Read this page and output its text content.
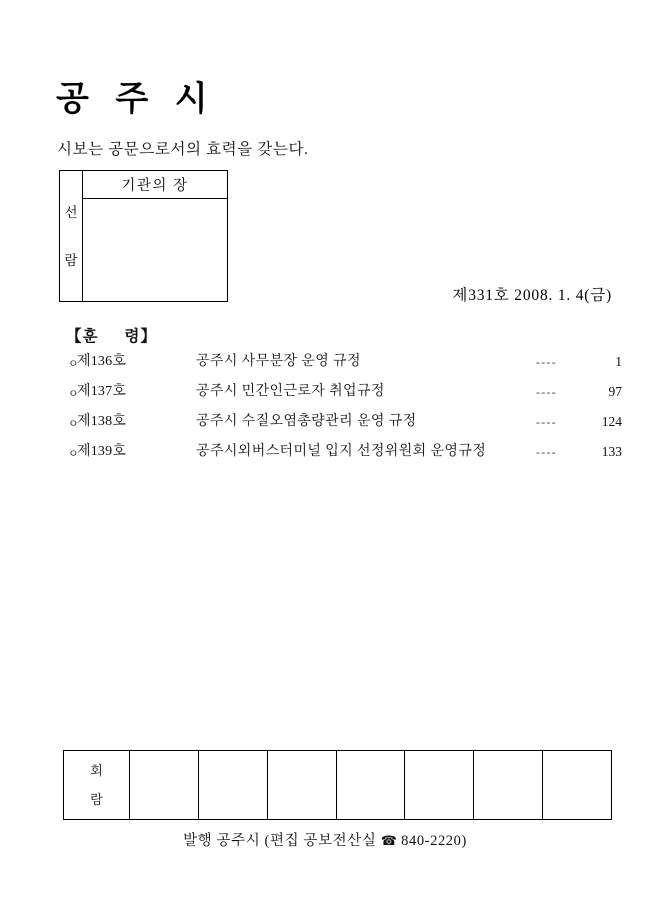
공 주 시
시보는 공문으로서의 효력을 갖는다.
선
람
기관의 장
제331호 2008. 1. 4(금)
【훈 령】
ㅇ
제136호	공주시 사무분장 운영 규정	----	1
ㅇ
제137호	공주시 민간인근로자 취업규정	----	97
ㅇ
제138호	공주시 수질오염총량관리 운영 규정	----	124
ㅇ
제139호	공주시외버스터미널 입지 선정위원회 운영규정	----	133
회
람
발행 공주시 (편집 공보전산실 ☎ 840-2220)
